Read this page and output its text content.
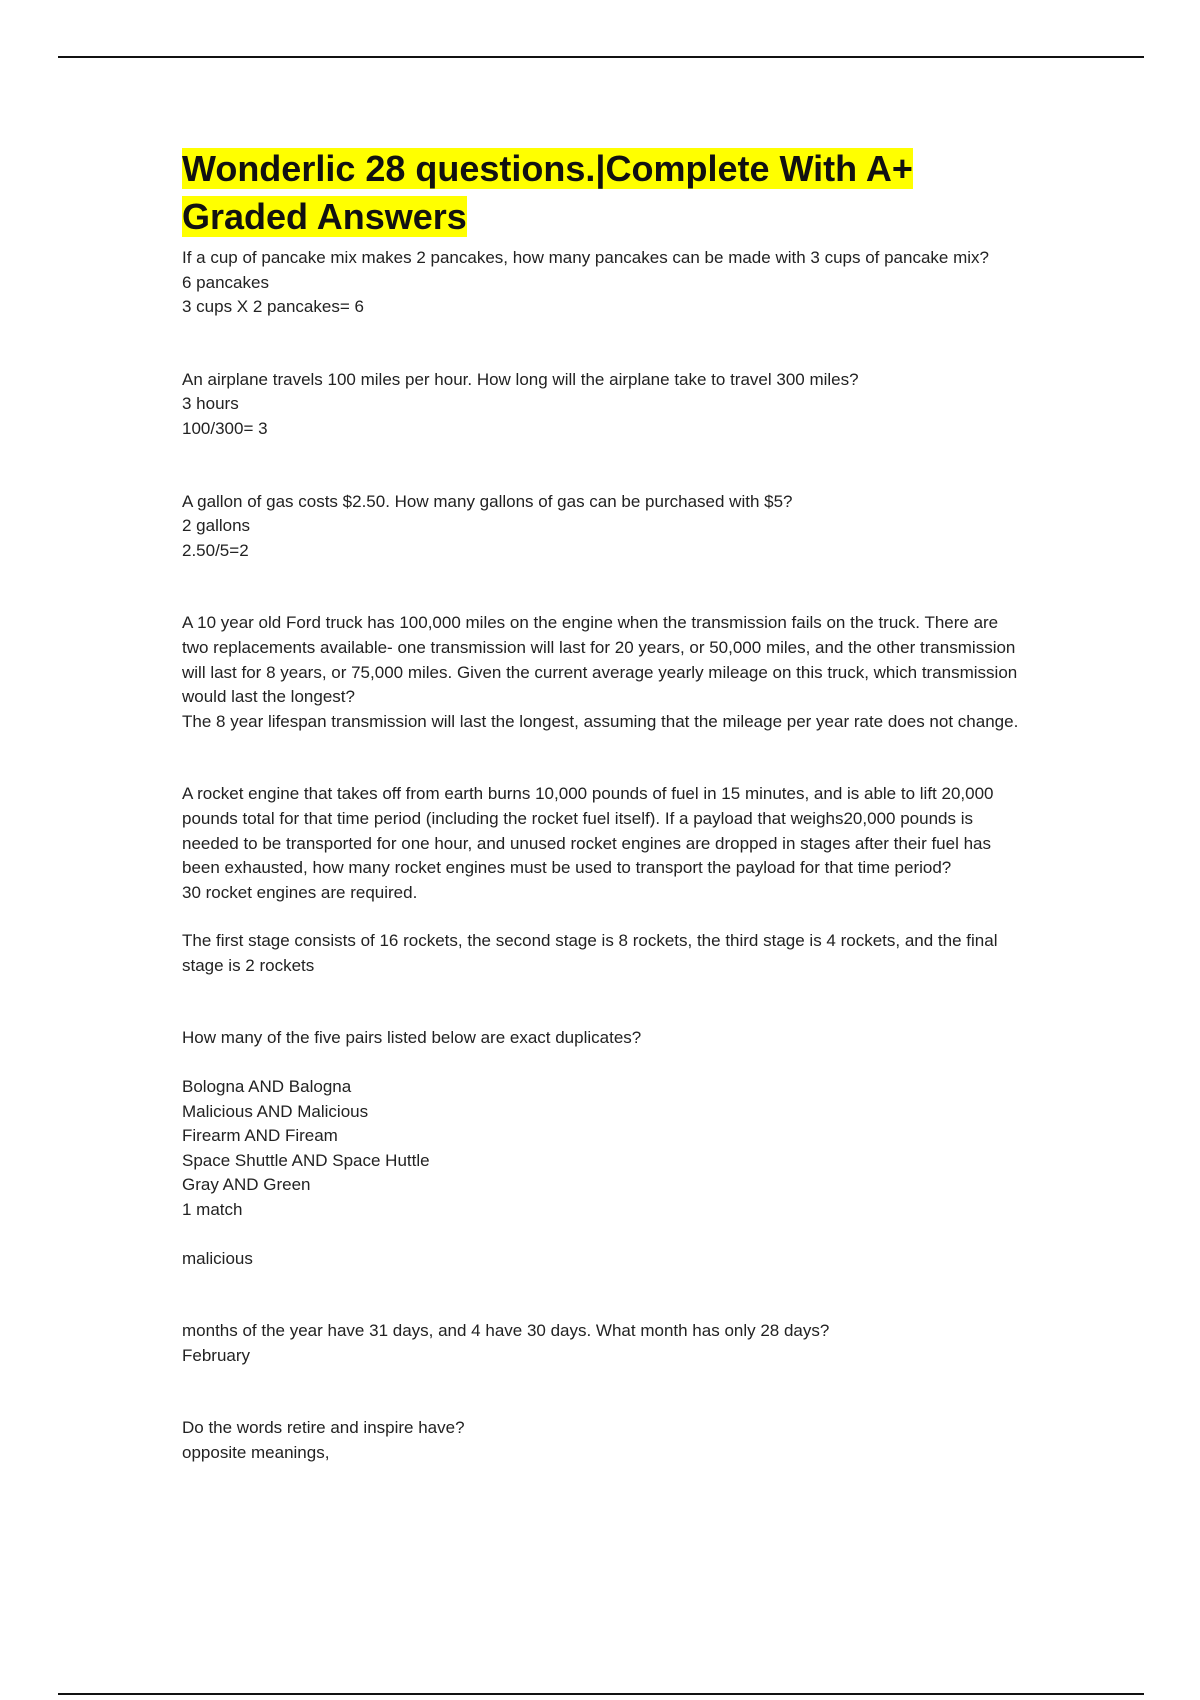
Wonderlic 28 questions.|Complete With A+
Graded Answers
If a cup of pancake mix makes 2 pancakes, how many pancakes can be made with 3 cups of pancake mix?
6 pancakes
3 cups X 2 pancakes= 6
An airplane travels 100 miles per hour. How long will the airplane take to travel 300 miles?
3 hours
100/300= 3
A gallon of gas costs $2.50. How many gallons of gas can be purchased with $5?
2 gallons
2.50/5=2
A 10 year old Ford truck has 100,000 miles on the engine when the transmission fails on the truck. There are two replacements available- one transmission will last for 20 years, or 50,000 miles, and the other transmission will last for 8 years, or 75,000 miles. Given the current average yearly mileage on this truck, which transmission would last the longest?
The 8 year lifespan transmission will last the longest, assuming that the mileage per year rate does not change.
A rocket engine that takes off from earth burns 10,000 pounds of fuel in 15 minutes, and is able to lift 20,000 pounds total for that time period (including the rocket fuel itself). If a payload that weighs20,000 pounds is needed to be transported for one hour, and unused rocket engines are dropped in stages after their fuel has been exhausted, how many rocket engines must be used to transport the payload for that time period?
30 rocket engines are required.
The first stage consists of 16 rockets, the second stage is 8 rockets, the third stage is 4 rockets, and the final stage is 2 rockets
How many of the five pairs listed below are exact duplicates?
Bologna AND Balogna
Malicious AND Malicious
Firearm AND Fiream
Space Shuttle AND Space Huttle
Gray AND Green
1 match
malicious
months of the year have 31 days, and 4 have 30 days. What month has only 28 days?
February
Do the words retire and inspire have?
opposite meanings,
